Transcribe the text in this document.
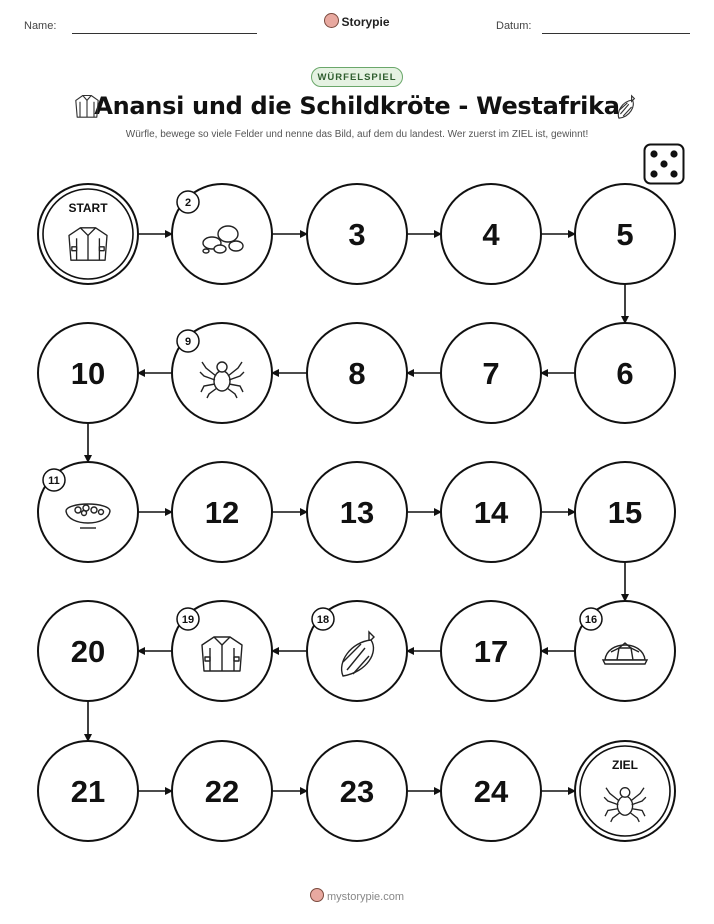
Name:	Storypie	Datum:
WÜRFELSPIEL
Anansi und die Schildkröte - Westafrika
Würfle, bewege so viele Felder und nenne das Bild, auf dem du landest. Wer zuerst im ZIEL ist, gewinnt!
START	2
3	4	5
6
7
8
9
10
11
12	13	14	15
16
17
18
19
20
21	22	23	24
ZIEL
mystorypie.com
